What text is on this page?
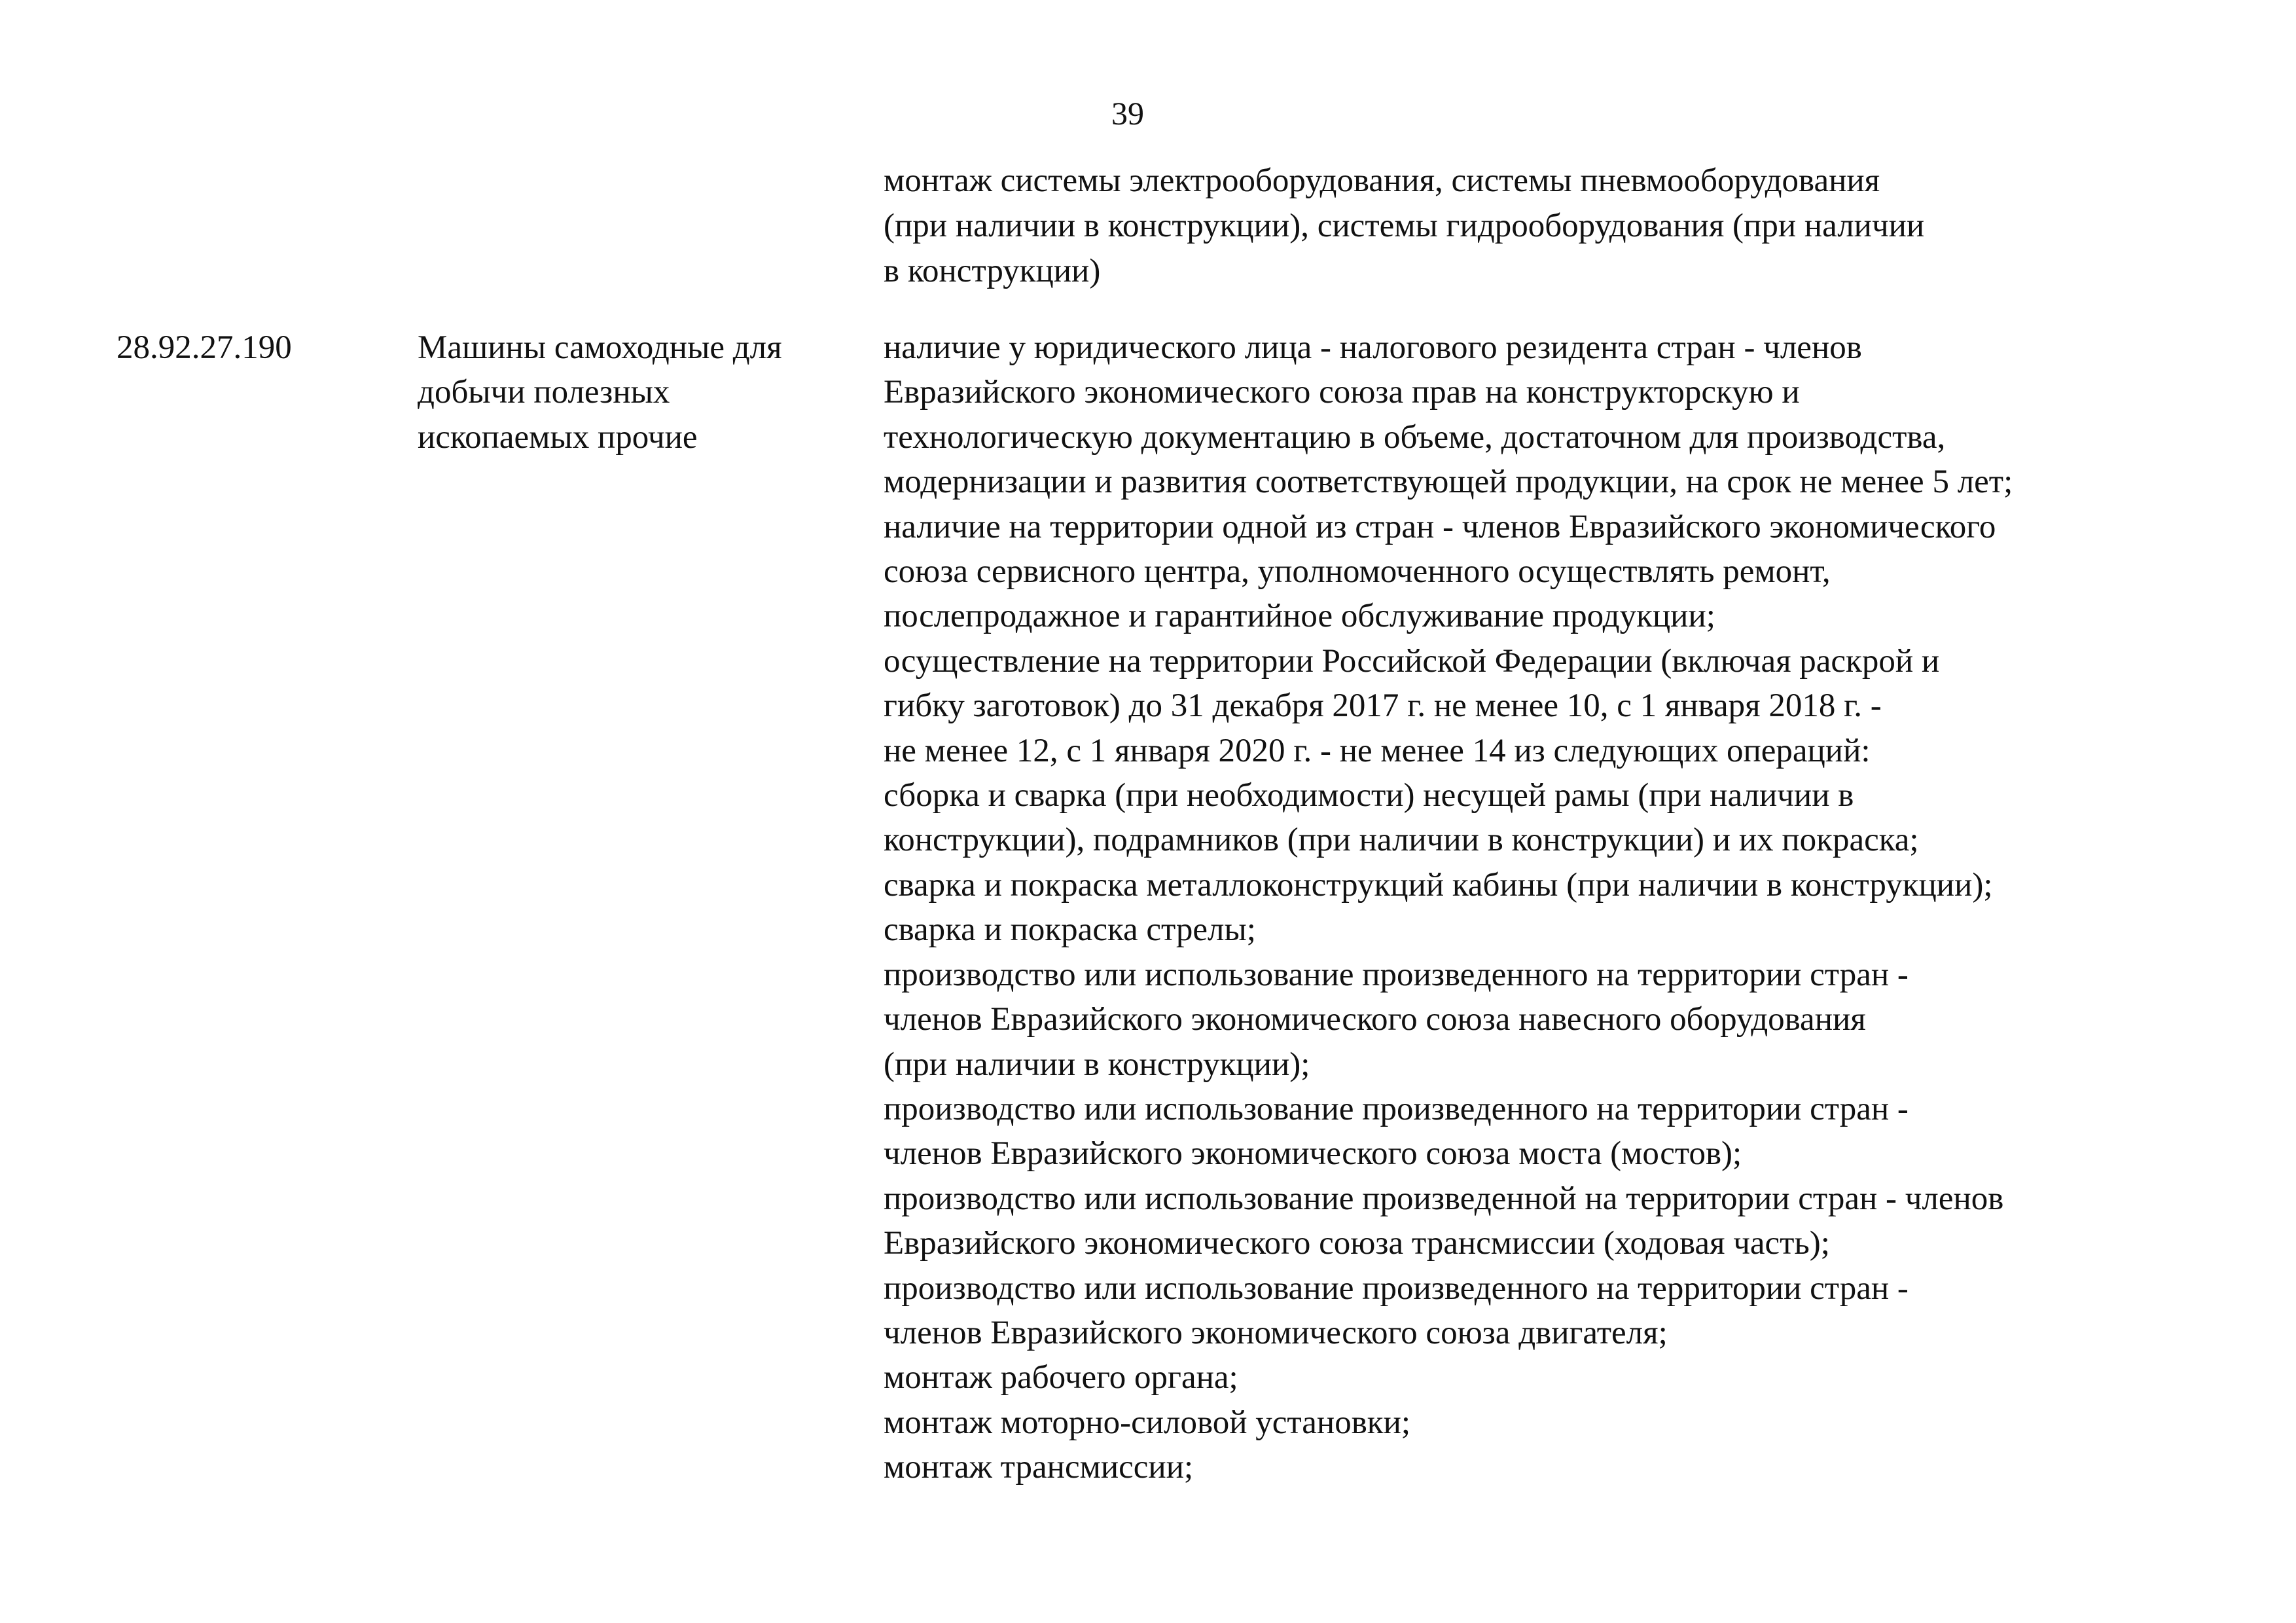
39
монтаж системы электрооборудования, системы пневмооборудования
(при наличии в конструкции), системы гидрооборудования (при наличии
в конструкции)
28.92.27.190	Машины самоходные для
добычи полезных
ископаемых прочие
наличие у юридического лица - налогового резидента стран - членов
Евразийского экономического союза прав на конструкторскую и
технологическую документацию в объеме, достаточном для производства,
модернизации и развития соответствующей продукции, на срок не менее 5 лет;
наличие на территории одной из стран - членов Евразийского экономического
союза сервисного центра, уполномоченного осуществлять ремонт,
послепродажное и гарантийное обслуживание продукции;
осуществление на территории Российской Федерации (включая раскрой и
гибку заготовок) до 31 декабря 2017 г. не менее 10, с 1 января 2018 г. -
не менее 12, с 1 января 2020 г. - не менее 14 из следующих операций:
сборка и сварка (при необходимости) несущей рамы (при наличии в
конструкции), подрамников (при наличии в конструкции) и их покраска;
сварка и покраска металлоконструкций кабины (при наличии в конструкции);
сварка и покраска стрелы;
производство или использование произведенного на территории стран -
членов Евразийского экономического союза навесного оборудования
(при наличии в конструкции);
производство или использование произведенного на территории стран -
членов Евразийского экономического союза моста (мостов);
производство или использование произведенной на территории стран - членов
Евразийского экономического союза трансмиссии (ходовая часть);
производство или использование произведенного на территории стран -
членов Евразийского экономического союза двигателя;
монтаж рабочего органа;
монтаж моторно-силовой установки;
монтаж трансмиссии;
